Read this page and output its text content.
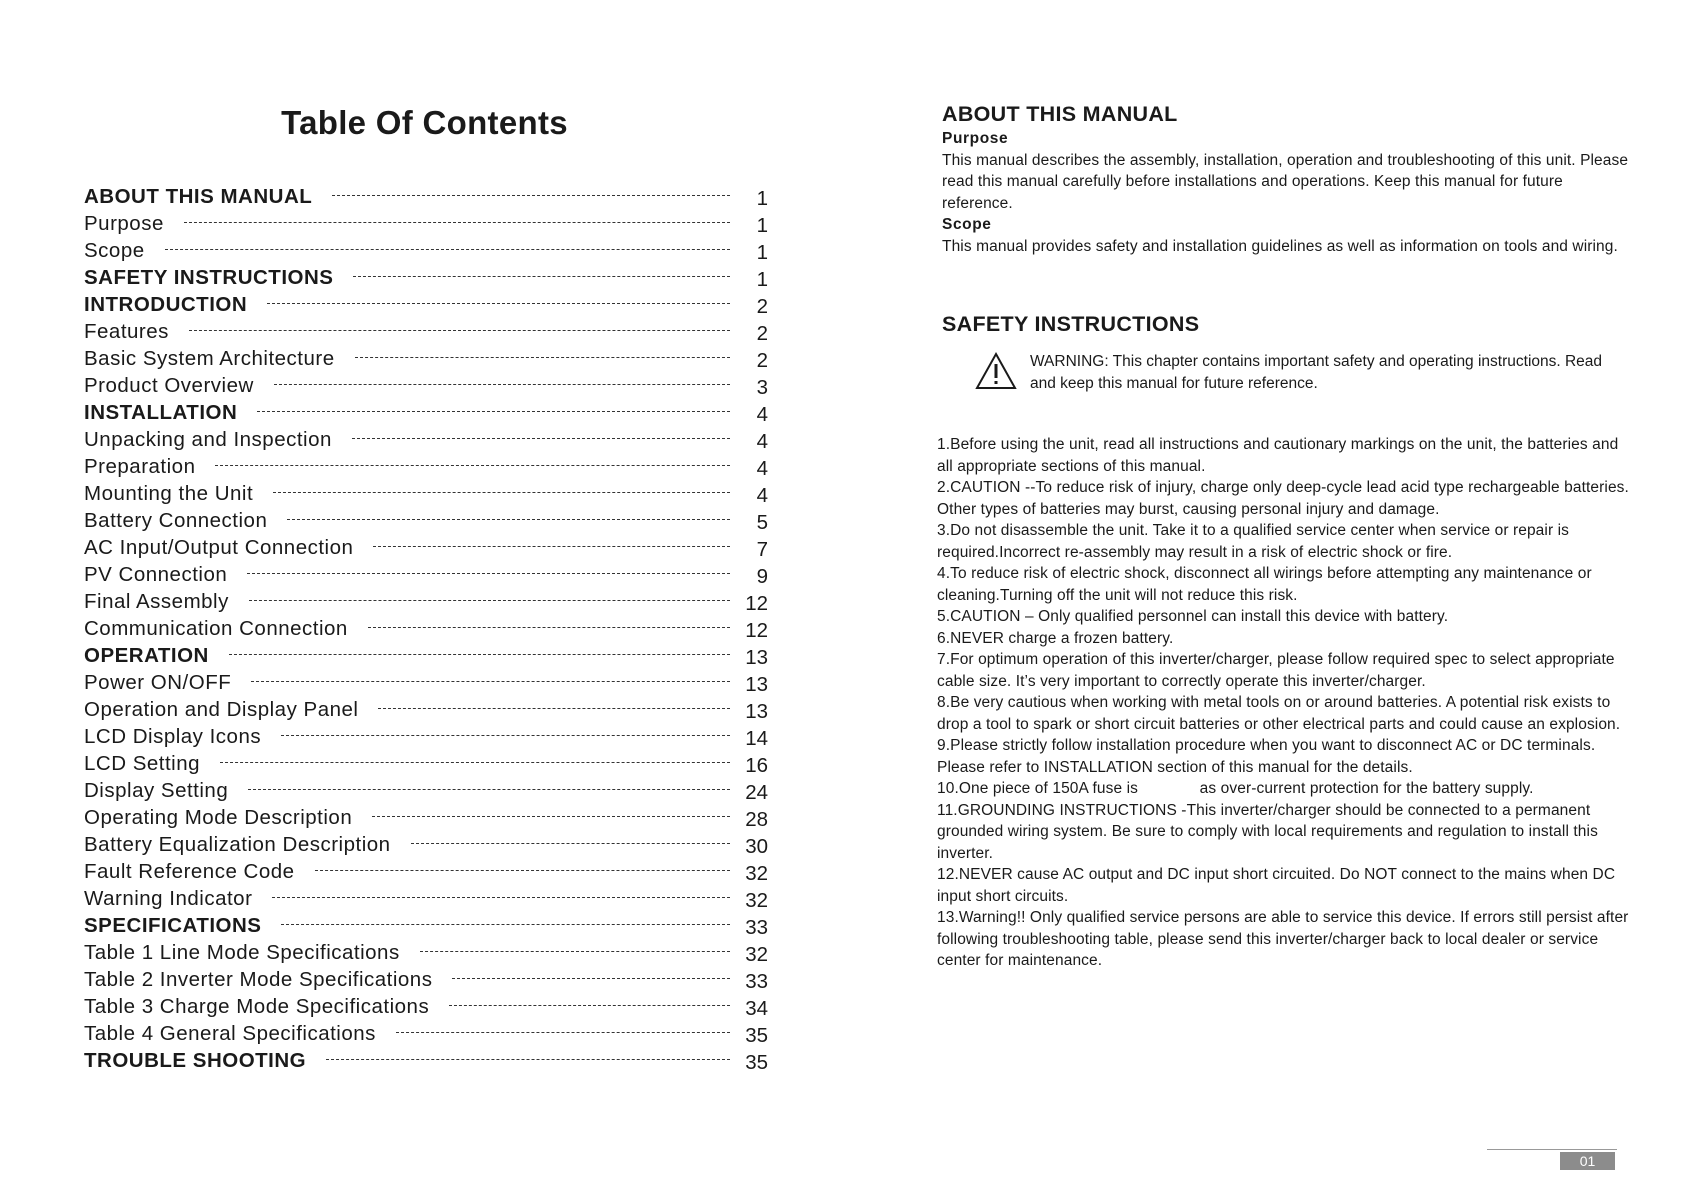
Table Of Contents
ABOUT THIS MANUAL	1
Purpose	1
Scope	1
SAFETY INSTRUCTIONS	1
INTRODUCTION	2
Features	2
Basic System Architecture	2
Product Overview	3
INSTALLATION	4
Unpacking and Inspection	4
Preparation	4
Mounting the Unit	4
Battery Connection	5
AC Input/Output Connection	7
PV Connection	9
Final Assembly	12
Communication Connection	12
OPERATION	13
Power ON/OFF	13
Operation and Display Panel	13
LCD Display Icons	14
LCD Setting	16
Display Setting	24
Operating Mode Description	28
Battery Equalization Description	30
Fault Reference Code	32
Warning Indicator	32
SPECIFICATIONS	33
Table 1 Line Mode Specifications	32
Table 2 Inverter Mode Specifications	33
Table 3 Charge Mode Specifications	34
Table 4 General Specifications	35
TROUBLE SHOOTING	35
ABOUT THIS MANUAL

Purpose

This manual describes the assembly, installation, operation and troubleshooting of this unit. Please read this manual carefully before installations and operations. Keep this manual for future reference.

Scope

This manual provides safety and installation guidelines as well as information on tools and wiring.

SAFETY INSTRUCTIONS

WARNING: This chapter contains important safety and operating instructions. Read and keep this manual for future reference.

1.Before using the unit, read all instructions and cautionary markings on the unit, the batteries and all appropriate sections of this manual.

2.CAUTION --To reduce risk of injury, charge only deep-cycle lead acid type rechargeable batteries.

Other types of batteries may burst, causing personal injury and damage.

3.Do not disassemble the unit. Take it to a qualified service center when service or repair is required.Incorrect re-assembly may result in a risk of electric shock or fire.

4.To reduce risk of electric shock, disconnect all wirings before attempting any maintenance or cleaning.Turning off the unit will not reduce this risk.

5.CAUTION – Only qualified personnel can install this device with battery.

6.NEVER charge a frozen battery.

7.For optimum operation of this inverter/charger, please follow required spec to select appropriate cable size. It’s very important to correctly operate this inverter/charger.

8.Be very cautious when working with metal tools on or around batteries. A potential risk exists to drop a tool to spark or short circuit batteries or other electrical parts and could cause an explosion.

9.Please strictly follow installation procedure when you want to disconnect AC or DC terminals. Please refer to INSTALLATION section of this manual for the details.

10.One piece of 150A fuse is              as over-current protection for the battery supply.

11.GROUNDING INSTRUCTIONS -This inverter/charger should be connected to a permanent grounded wiring system. Be sure to comply with local requirements and regulation to install this inverter.

12.NEVER cause AC output and DC input short circuited. Do NOT connect to the mains when DC input short circuits.

13.Warning!! Only qualified service persons are able to service this device. If errors still persist after following troubleshooting table, please send this inverter/charger back to local dealer or service center for maintenance.

01
